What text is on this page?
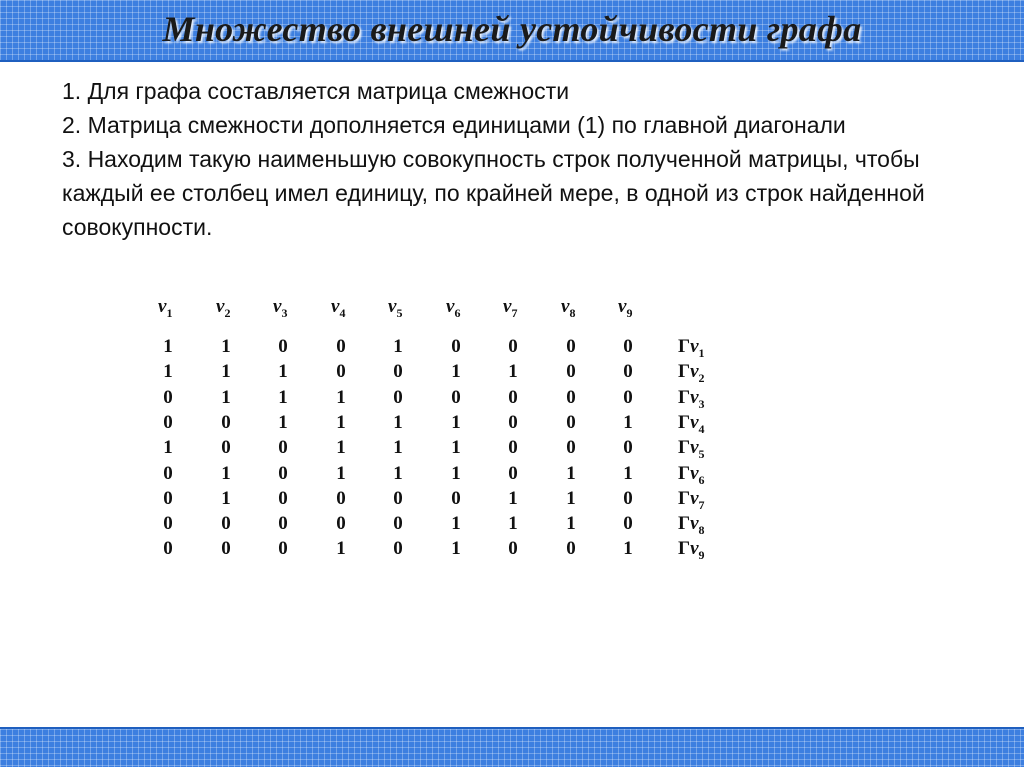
Множество внешней устойчивости графа

1. Для графа составляется матрица смежности

2. Матрица смежности дополняется единицами (1) по главной диагонали

3. Находим такую наименьшую совокупность строк полученной матрицы, чтобы каждый ее столбец имел единицу, по крайней мере, в одной из строк найденной совокупности.

$v_1$ $v_2$ $v_3$ $v_4$ $v_5$ $v_6$ $v_7$ $v_8$ $v_9$
1	1	0	0	1	0	0	0	0	$Гv_1$
1	1	1	0	0	1	1	0	0	$Гv_2$
0	1	1	1	0	0	0	0	0	$Гv_3$
0	0	1	1	1	1	0	0	1	$Гv_4$
1	0	0	1	1	1	0	0	0	$Гv_5$
0	1	0	1	1	1	0	1	1	$Гv_6$
0	1	0	0	0	0	1	1	0	$Гv_7$
0	0	0	0	0	1	1	1	0	$Гv_8$
0	0	0	1	0	1	0	0	1	$Гv_9$
